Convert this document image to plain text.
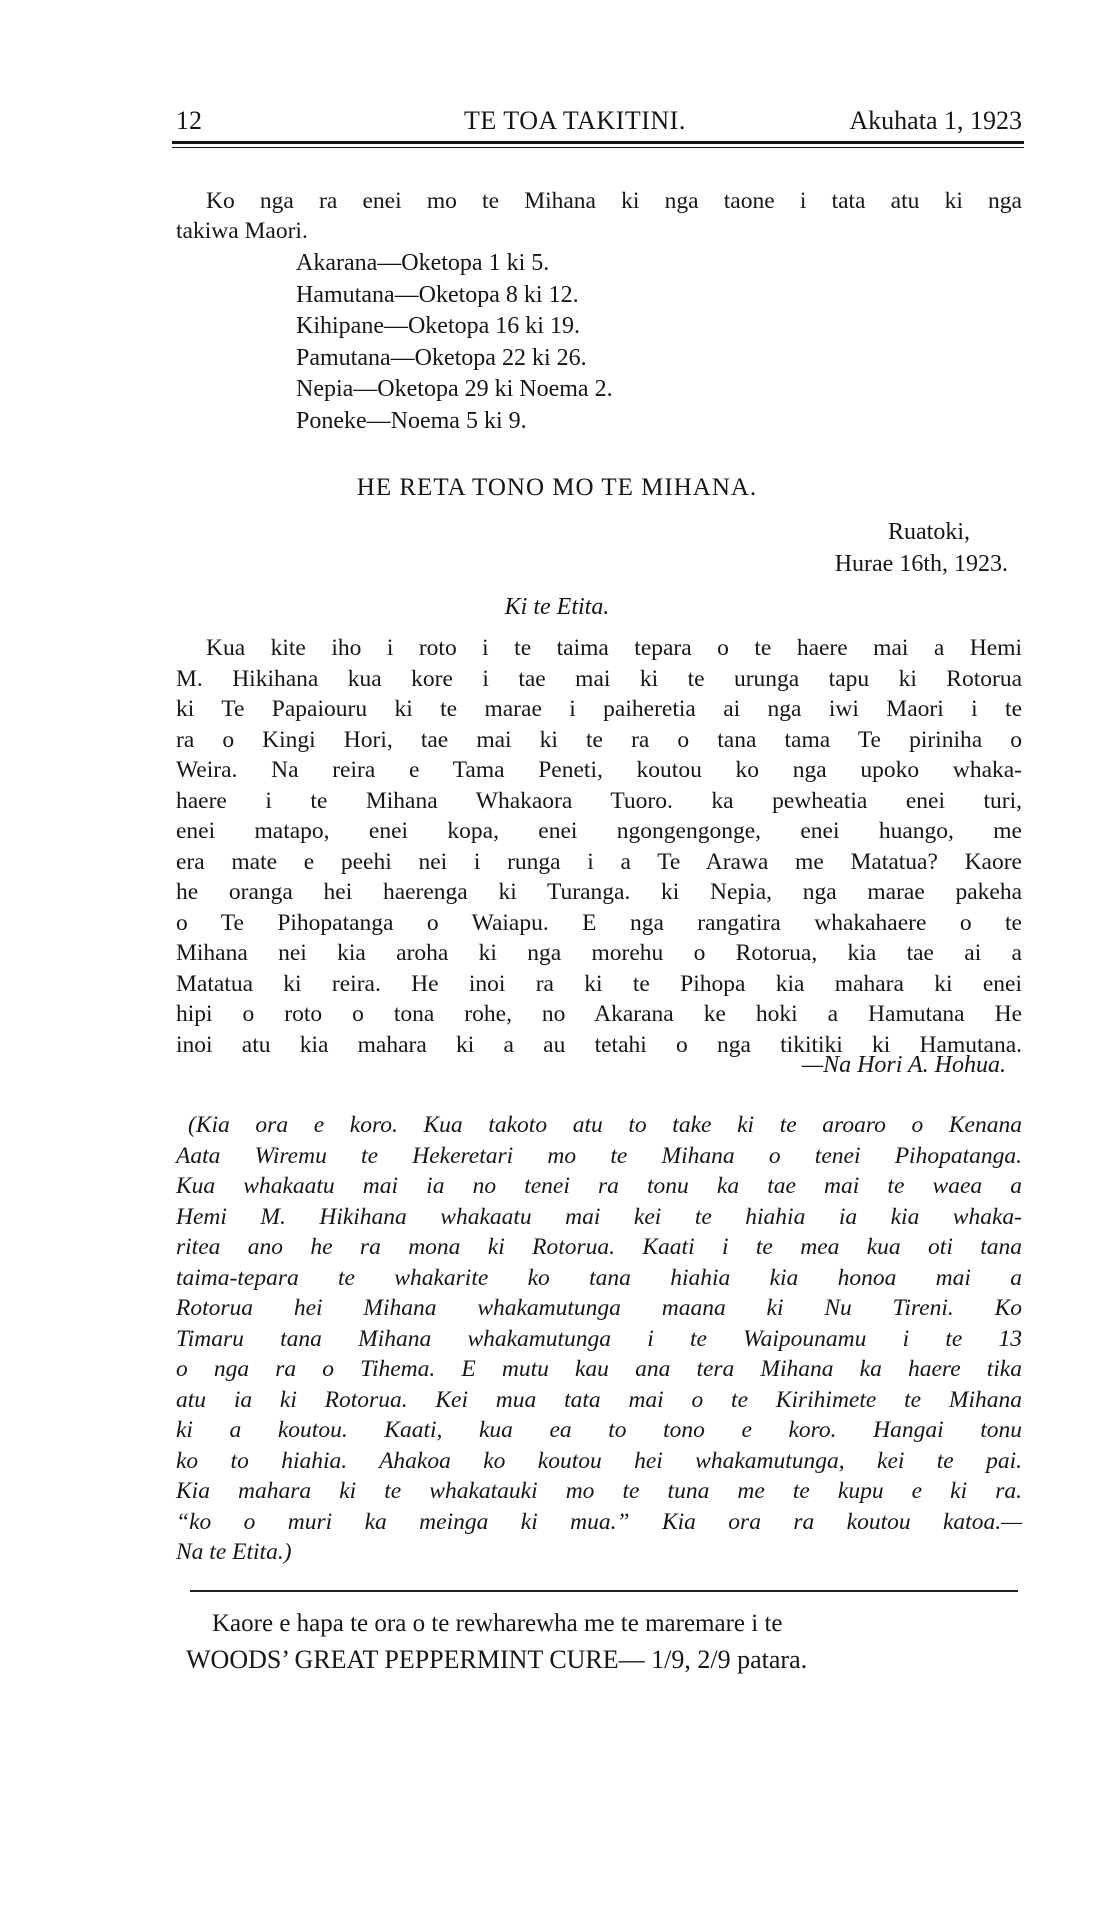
12	TE TOA TAKITINI.	Akuhata 1, 1923
Ko nga ra enei mo te Mihana ki nga taone i tata atu ki nga
takiwa Maori.
Akarana—Oketopa 1 ki 5.
Hamutana—Oketopa 8 ki 12.
Kihipane—Oketopa 16 ki 19.
Pamutana—Oketopa 22 ki 26.
Nepia—Oketopa 29 ki Noema 2.
Poneke—Noema 5 ki 9.
HE RETA TONO MO TE MIHANA.
Ruatoki,
Hurae 16th, 1923.
Ki te Etita.
Kua kite iho i roto i te taima tepara o te haere mai a Hemi
M. Hikihana kua kore i tae mai ki te urunga tapu ki Rotorua
ki Te Papaiouru ki te marae i paiheretia ai nga iwi Maori i te
ra o Kingi Hori, tae mai ki te ra o tana tama Te piriniha o
Weira. Na reira e Tama Peneti, koutou ko nga upoko whaka-
haere i te Mihana Whakaora Tuoro. ka pewheatia enei turi,
enei matapo, enei kopa, enei ngongengonge, enei huango, me
era mate e peehi nei i runga i a Te Arawa me Matatua? Kaore
he oranga hei haerenga ki Turanga. ki Nepia, nga marae pakeha
o Te Pihopatanga o Waiapu. E nga rangatira whakahaere o te
Mihana nei kia aroha ki nga morehu o Rotorua, kia tae ai a
Matatua ki reira. He inoi ra ki te Pihopa kia mahara ki enei
hipi o roto o tona rohe, no Akarana ke hoki a Hamutana He
inoi atu kia mahara ki a au tetahi o nga tikitiki ki Hamutana.
—Na Hori A. Hohua.
(Kia ora e koro. Kua takoto atu to take ki te aroaro o Kenana
Aata Wiremu te Hekeretari mo te Mihana o tenei Pihopatanga.
Kua whakaatu mai ia no tenei ra tonu ka tae mai te waea a
Hemi M. Hikihana whakaatu mai kei te hiahia ia kia whaka-
ritea ano he ra mona ki Rotorua. Kaati i te mea kua oti tana
taima-tepara te whakarite ko tana hiahia kia honoa mai a
Rotorua hei Mihana whakamutunga maana ki Nu Tireni. Ko
Timaru tana Mihana whakamutunga i te Waipounamu i te 13
o nga ra o Tihema. E mutu kau ana tera Mihana ka haere tika
atu ia ki Rotorua. Kei mua tata mai o te Kirihimete te Mihana
ki a koutou. Kaati, kua ea to tono e koro. Hangai tonu
ko to hiahia. Ahakoa ko koutou hei whakamutunga, kei te pai.
Kia mahara ki te whakatauki mo te tuna me te kupu e ki ra.
“ko o muri ka meinga ki mua.” Kia ora ra koutou katoa.—
Na te Etita.)
Kaore e hapa te ora o te rewharewha me te maremare i te
WOODS’ GREAT PEPPERMINT CURE— 1/9, 2/9 patara.
